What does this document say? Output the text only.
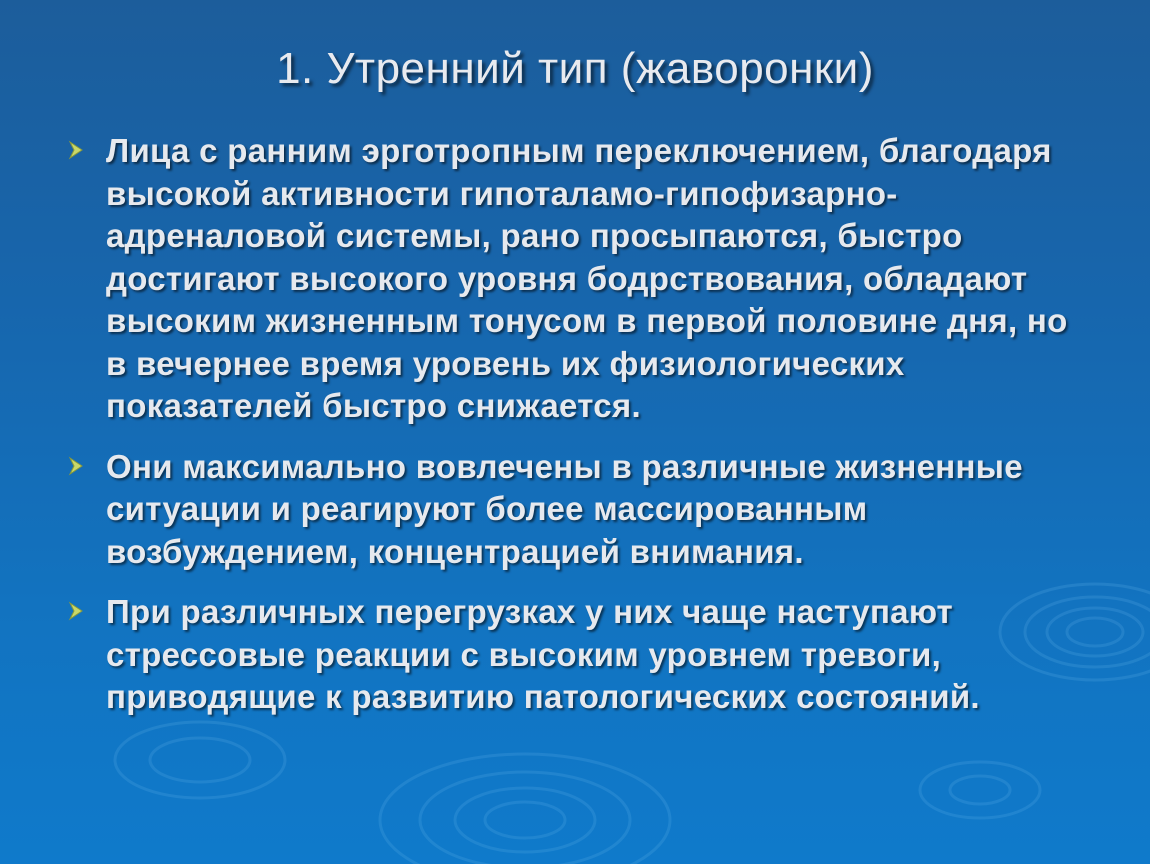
1. Утренний тип (жаворонки)
Лица с ранним эрготропным переключением, благодаря высокой активности гипоталамо-гипофизарно-адреналовой системы, рано просыпаются, быстро достигают высокого уровня бодрствования, обладают высоким жизненным тонусом в первой половине дня, но в вечернее время уровень их физиологических показателей быстро снижается.
Они максимально вовлечены в различные жизненные ситуации и реагируют более массированным возбуждением, концентрацией внимания.
При различных перегрузках у них чаще наступают стрессовые реакции с высоким уровнем тревоги, приводящие к развитию патологических состояний.
